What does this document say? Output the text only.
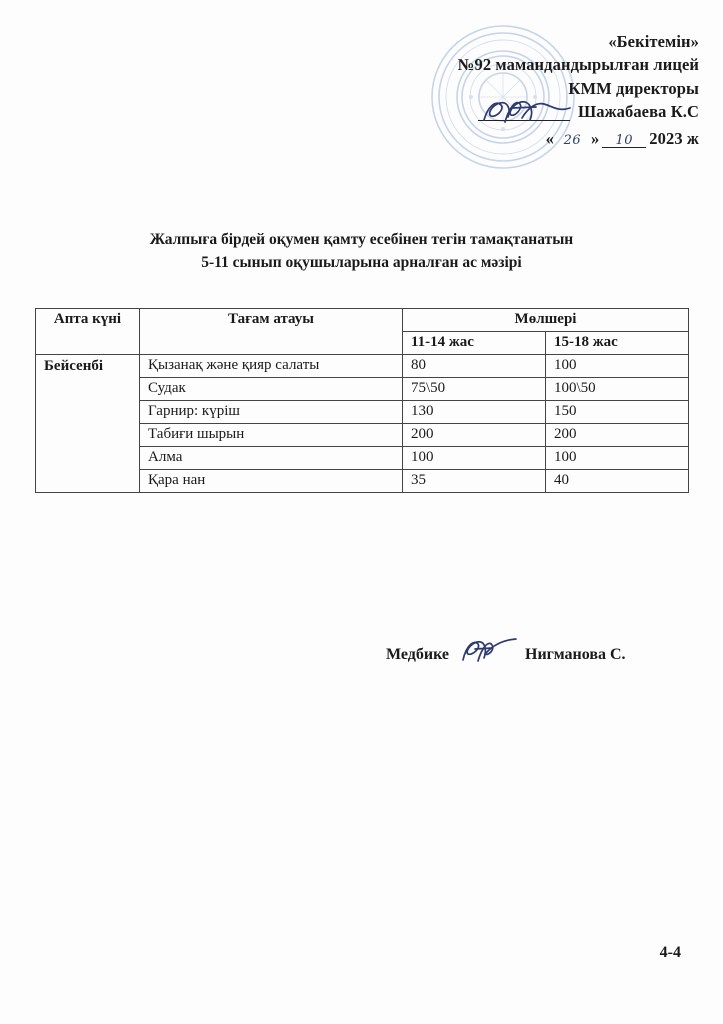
«Бекітемін»
№92 мамандандырылған лицей
КММ директоры
Шажабаева К.С
« 26 »	10 2023 ж
Жалпыға бірдей оқумен қамту есебінен тегін тамақтанатын
5-11 сынып оқушыларына арналған ас мәзірі
Апта күні	Тағам атауы	Мөлшері	
		11-14 жас	15-18 жас
Бейсенбі	Қызанақ және қияр салаты	80	100
	Судак	75\50	100\50
	Гарнир: күріш	130	150
	Табиғи шырын	200	200
	Алма	100	100
	Қара нан	35	40
Медбике	Нигманова С.
4-4
